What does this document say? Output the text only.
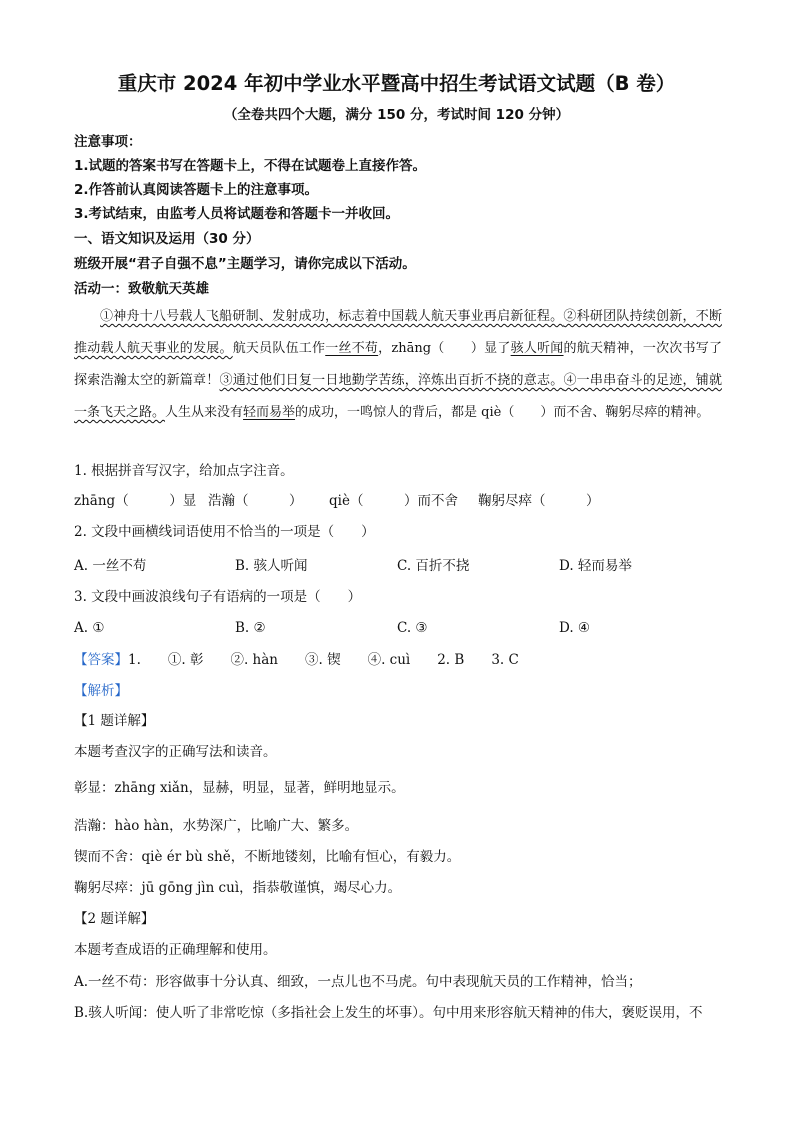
重庆市 2024 年初中学业水平暨高中招生考试语文试题（B 卷）
（全卷共四个大题，满分 150 分，考试时间 120 分钟）
注意事项：
1.试题的答案书写在答题卡上，不得在试题卷上直接作答。
2.作答前认真阅读答题卡上的注意事项。
3.考试结束，由监考人员将试题卷和答题卡一并收回。
一、语文知识及运用（30 分）
班级开展“君子自强不息”主题学习，请你完成以下活动。
活动一：致敬航天英雄

①神舟十八号载人飞船研制、发射成功，标志着中国载人航天事业再启新征程。②科研团队持续创新，不断推动载人航天事业的发展。航天员队伍工作一丝不苟，zhāng（　　）显了骇人听闻的航天精神，一次次书写了探索浩瀚太空的新篇章！③通过他们日复一日地勤学苦练，淬炼出百折不挠的意志。④一串串奋斗的足迹，铺就一条飞天之路。人生从来没有轻而易举的成功，一鸣惊人的背后，都是 qiè（　　）而不舍、鞠躬尽瘁的精神。

1. 根据拼音写汉字，给加点字注音。
zhāng（　　　）显 浩瀚（　　　） qiè（　　　）而不舍 鞠躬尽瘁（　　　）
2. 文段中画横线词语使用不恰当的一项是（　　）
A. 一丝不苟	B. 骇人听闻	C. 百折不挠	D. 轻而易举
3. 文段中画波浪线句子有语病的一项是（　　）
A. ①	B. ②	C. ③	D. ④
【答案】1.　　①. 彰　　②. hàn　　③. 锲　　④. cuì　　2. B　　3. C
【解析】
【1 题详解】
本题考查汉字的正确写法和读音。
彰显：zhāng xiǎn，显赫，明显，显著，鲜明地显示。
浩瀚：hào hàn，水势深广，比喻广大、繁多。
锲而不舍：qiè ér bù shě，不断地镂刻，比喻有恒心，有毅力。
鞠躬尽瘁：jū gōng jìn cuì，指恭敬谨慎，竭尽心力。
【2 题详解】
本题考查成语的正确理解和使用。
A.一丝不苟：形容做事十分认真、细致，一点儿也不马虎。句中表现航天员的工作精神，恰当；
B.骇人听闻：使人听了非常吃惊（多指社会上发生的坏事）。句中用来形容航天精神的伟大，褒贬误用，不
